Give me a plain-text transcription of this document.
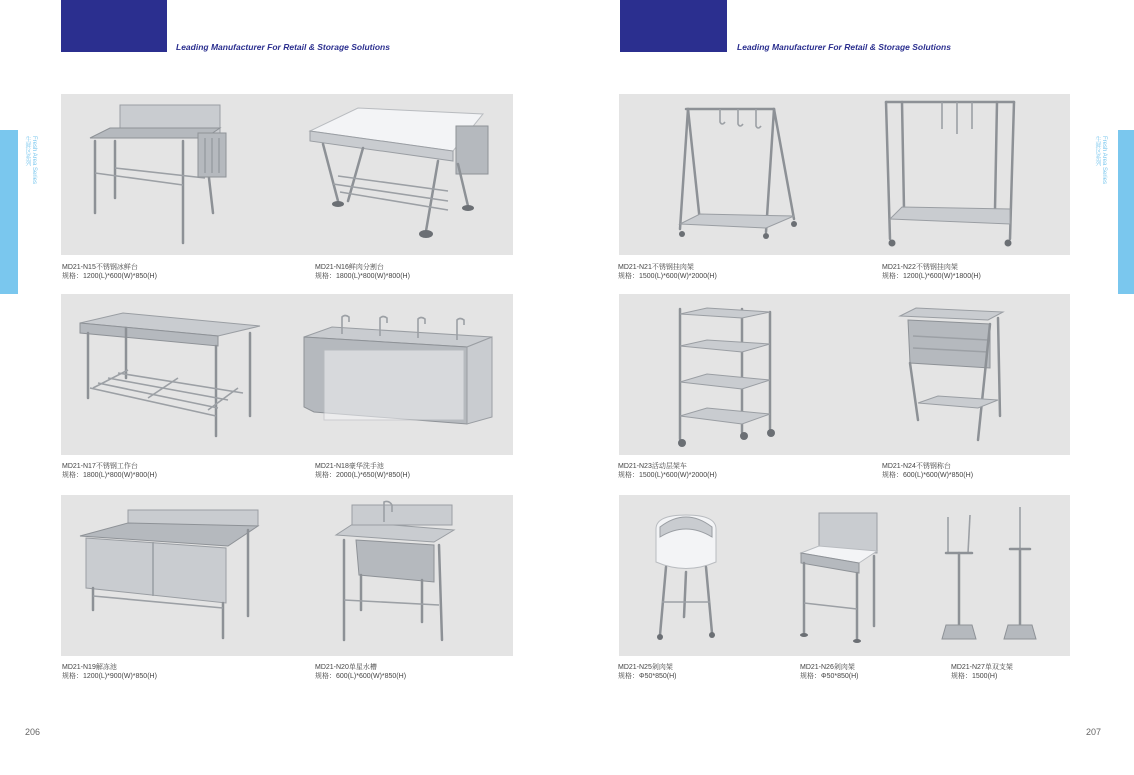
Leading Manufacturer For Retail & Storage Solutions	Leading Manufacturer For Retail & Storage Solutions
Fresh Area Series
生鲜区系列	Fresh Area Series
生鲜区系列
MD21-N15不锈钢冰鲜台
规格：1200(L)*600(W)*850(H)
MD21-N16鲜肉分割台
规格：1800(L)*800(W)*800(H)
MD21-N17不锈钢工作台
规格：1800(L)*800(W)*800(H)
MD21-N18豪华洗手池
规格：2000(L)*650(W)*850(H)
MD21-N19解冻池
规格：1200(L)*900(W)*850(H)
MD21-N20单星水槽
规格：600(L)*600(W)*850(H)
MD21-N21不锈钢挂肉架
规格：1500(L)*600(W)*2000(H)
MD21-N22不锈钢挂肉架
规格：1200(L)*600(W)*1800(H)
MD21-N23活动层架车
规格：1500(L)*600(W)*2000(H)
MD21-N24不锈钢称台
规格：600(L)*600(W)*850(H)
MD21-N25剁肉架
规格：Φ50*850(H)
MD21-N26剁肉架
规格：Φ50*850(H)
MD21-N27单双支架
规格：1500(H)
206	207
